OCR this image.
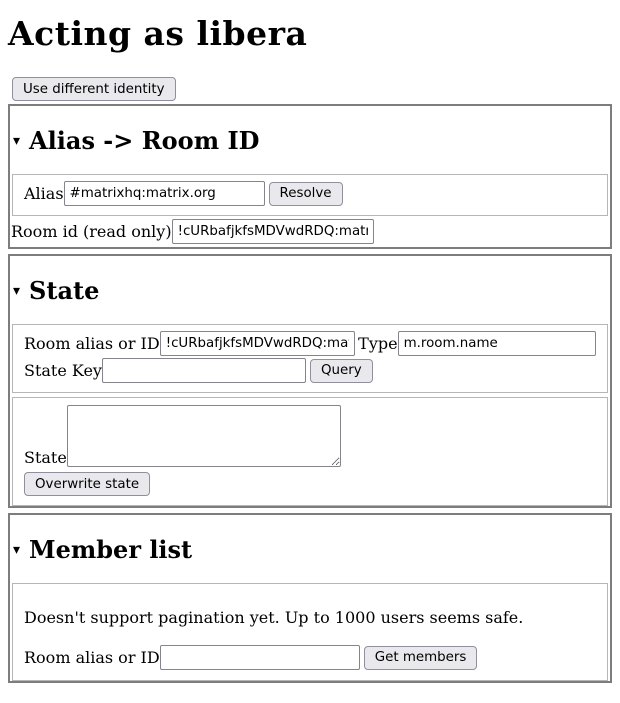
Acting as libera
Use different identity
▾ Alias -> Room ID
Alias
#matrixhq:matrix.org	Resolve
Room id (read only)
!cURbafjkfsMDVwdRDQ:matrix.
▾ State
Room alias or ID
!cURbafjkfsMDVwdRDQ:matrix.	Type
m.room.name
State Key	Query
State
Overwrite state
▾ Member list

Doesn't support pagination yet. Up to 1000 users seems safe.

Room alias or ID	Get members
